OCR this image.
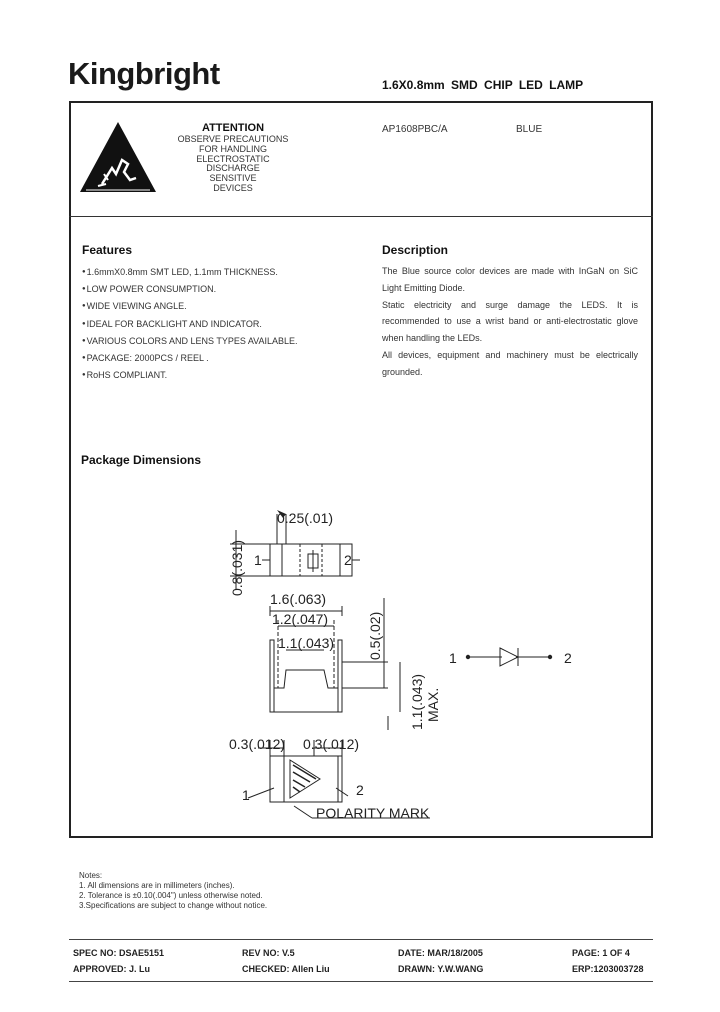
Kingbright	1.6X0.8mm SMD CHIP LED LAMP
ATTENTION
OBSERVE PRECAUTIONS
FOR HANDLING
ELECTROSTATIC
DISCHARGE
SENSITIVE
DEVICES
AP1608PBC/A	BLUE
Features
● 1.6mmX0.8mm SMT LED, 1.1mm THICKNESS.
● LOW POWER CONSUMPTION.
● WIDE VIEWING ANGLE.
● IDEAL FOR BACKLIGHT AND INDICATOR.
● VARIOUS COLORS AND LENS TYPES AVAILABLE.
● PACKAGE: 2000PCS / REEL .
● RoHS COMPLIANT.
Description
The Blue source color devices are made with InGaN on SiC Light Emitting Diode.
Static electricity and surge damage the LEDS. It is recommended to use a wrist band or anti-electrostatic glove when handling the LEDs.
All devices, equipment and machinery must be electrically grounded.
Package Dimensions
0.25(.01)
0.8(.031) 1	2
1.6(.063)
1.2(.047)
1.1(.043) 0.5(.02)
1.1(.043) MAX.
0.3(.012) 0.3(.012)
1	2
POLARITY MARK
1	2
Notes:
1. All dimensions are in millimeters (inches).
2. Tolerance is ±0.10(.004") unless otherwise noted.
3.Specifications are subject to change without notice.
SPEC NO: DSAE5151	REV NO: V.5	DATE: MAR/18/2005	PAGE: 1 OF 4
APPROVED: J. Lu	CHECKED: Allen Liu	DRAWN: Y.W.WANG	ERP:1203003728
